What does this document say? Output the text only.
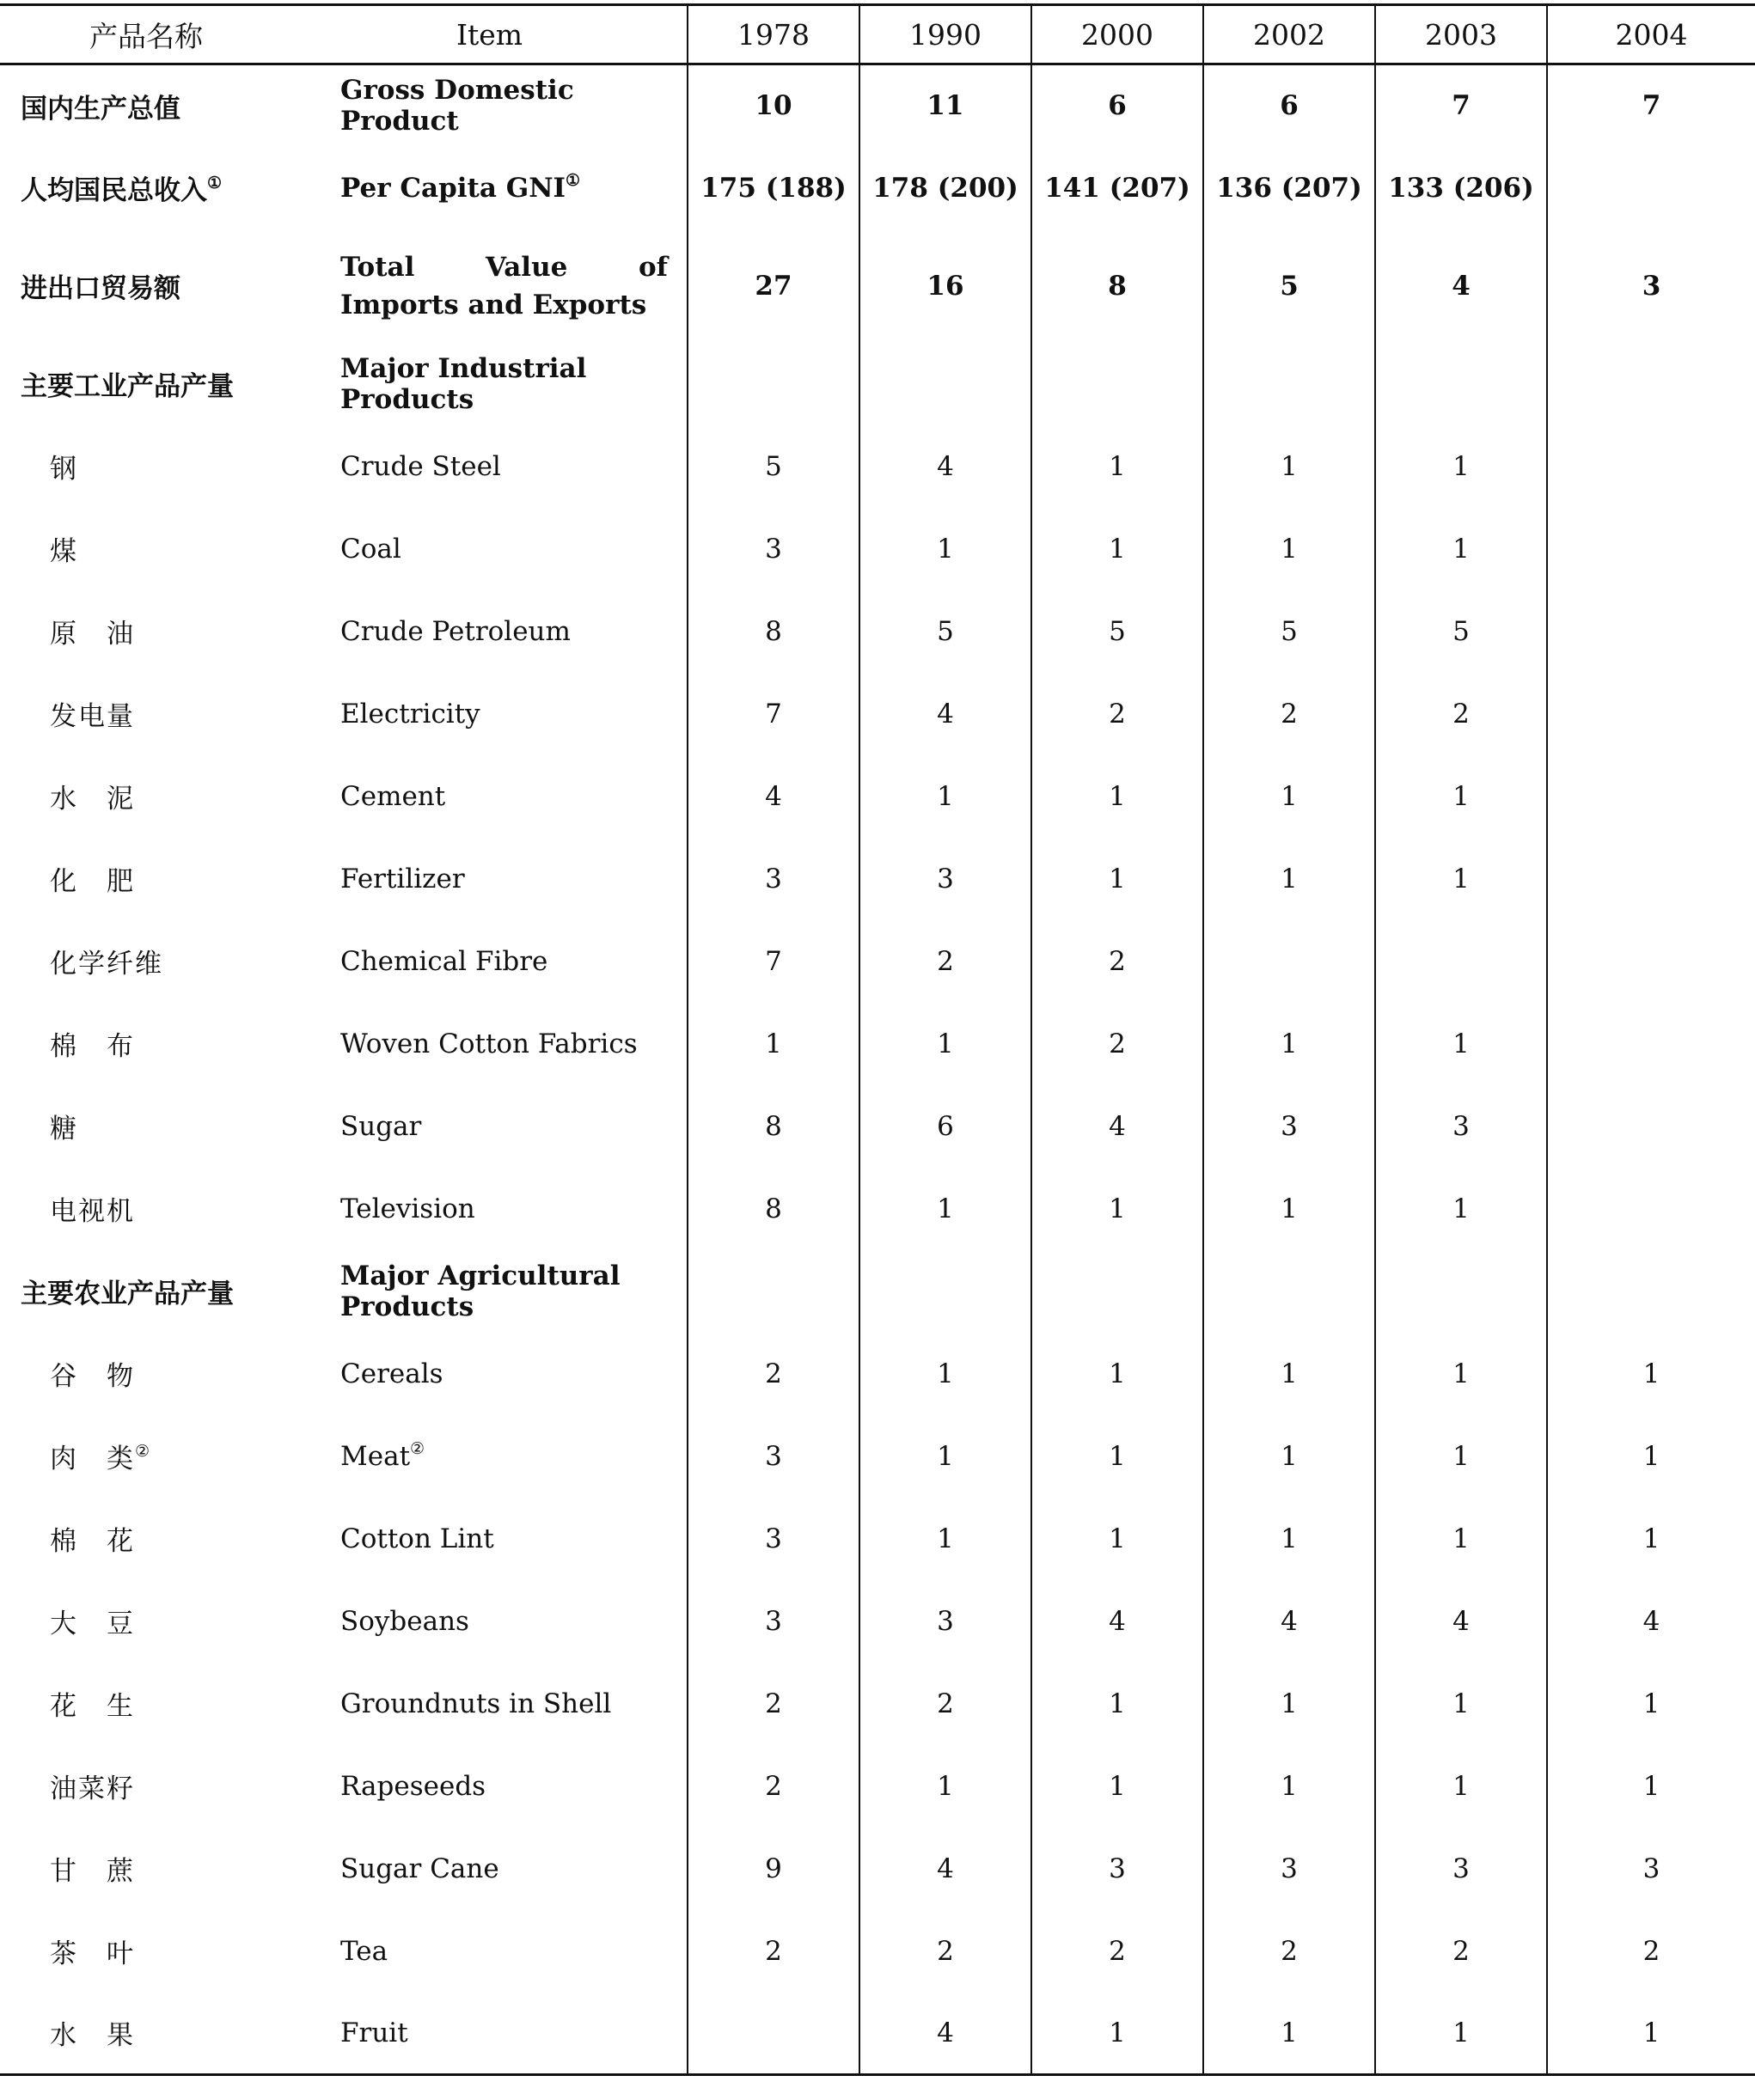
产品名称	Item	1978	1990	2000	2002	2003	2004
国内生产总值	Gross Domestic Product	10	11	6	6	7	7
人均国民总收入①	Per Capita GNI①	175 (188)	178 (200)	141 (207)	136 (207)	133 (206)	
进出口贸易额	Total Value of Imports and Exports	27	16	8	5	4	3
主要工业产品产量	Major Industrial Products						
钢	Crude Steel	5	4	1	1	1	
煤	Coal	3	1	1	1	1	
原　油	Crude Petroleum	8	5	5	5	5	
发电量	Electricity	7	4	2	2	2	
水　泥	Cement	4	1	1	1	1	
化　肥	Fertilizer	3	3	1	1	1	
化学纤维	Chemical Fibre	7	2	2			
棉　布	Woven Cotton Fabrics	1	1	2	1	1	
糖	Sugar	8	6	4	3	3	
电视机	Television	8	1	1	1	1	
主要农业产品产量	Major Agricultural Products						
谷　物	Cereals	2	1	1	1	1	1
肉　类②	Meat②	3	1	1	1	1	1
棉　花	Cotton Lint	3	1	1	1	1	1
大　豆	Soybeans	3	3	4	4	4	4
花　生	Groundnuts in Shell	2	2	1	1	1	1
油菜籽	Rapeseeds	2	1	1	1	1	1
甘　蔗	Sugar Cane	9	4	3	3	3	3
茶　叶	Tea	2	2	2	2	2	2
水　果	Fruit		4	1	1	1	1
